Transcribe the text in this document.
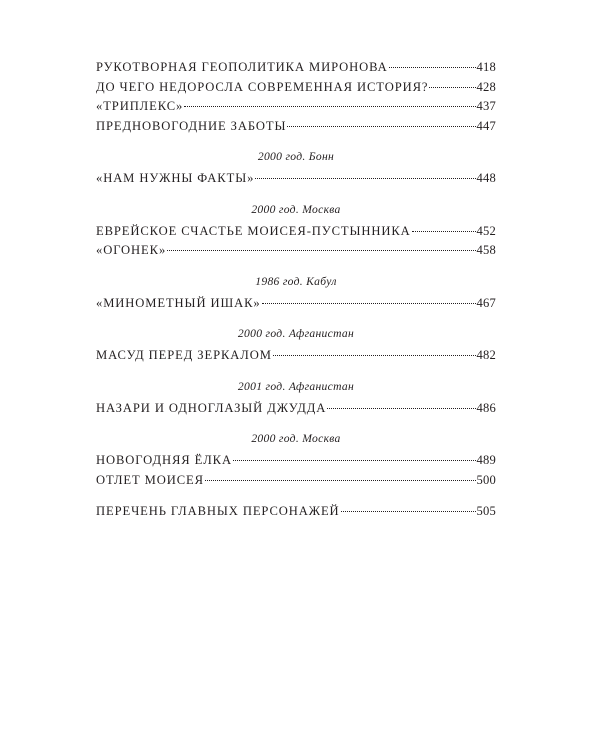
РУКОТВОРНАЯ ГЕОПОЛИТИКА МИРОНОВА	418
ДО ЧЕГО НЕДОРОСЛА СОВРЕМЕННАЯ ИСТОРИЯ?	428
«ТРИПЛЕКС»	437
ПРЕДНОВОГОДНИЕ ЗАБОТЫ	447
2000 год. Бонн
«НАМ НУЖНЫ ФАКТЫ»	448
2000 год. Москва
ЕВРЕЙСКОЕ СЧАСТЬЕ МОИСЕЯ-ПУСТЫННИКА	452
«ОГОНЕК»	458
1986 год. Кабул
«МИНОМЕТНЫЙ ИШАК»	467
2000 год. Афганистан
МАСУД ПЕРЕД ЗЕРКАЛОМ	482
2001 год. Афганистан
НАЗАРИ И ОДНОГЛАЗЫЙ ДЖУДДА	486
2000 год. Москва
НОВОГОДНЯЯ ЁЛКА	489
ОТЛЕТ МОИСЕЯ	500
ПЕРЕЧЕНЬ ГЛАВНЫХ ПЕРСОНАЖЕЙ	505
